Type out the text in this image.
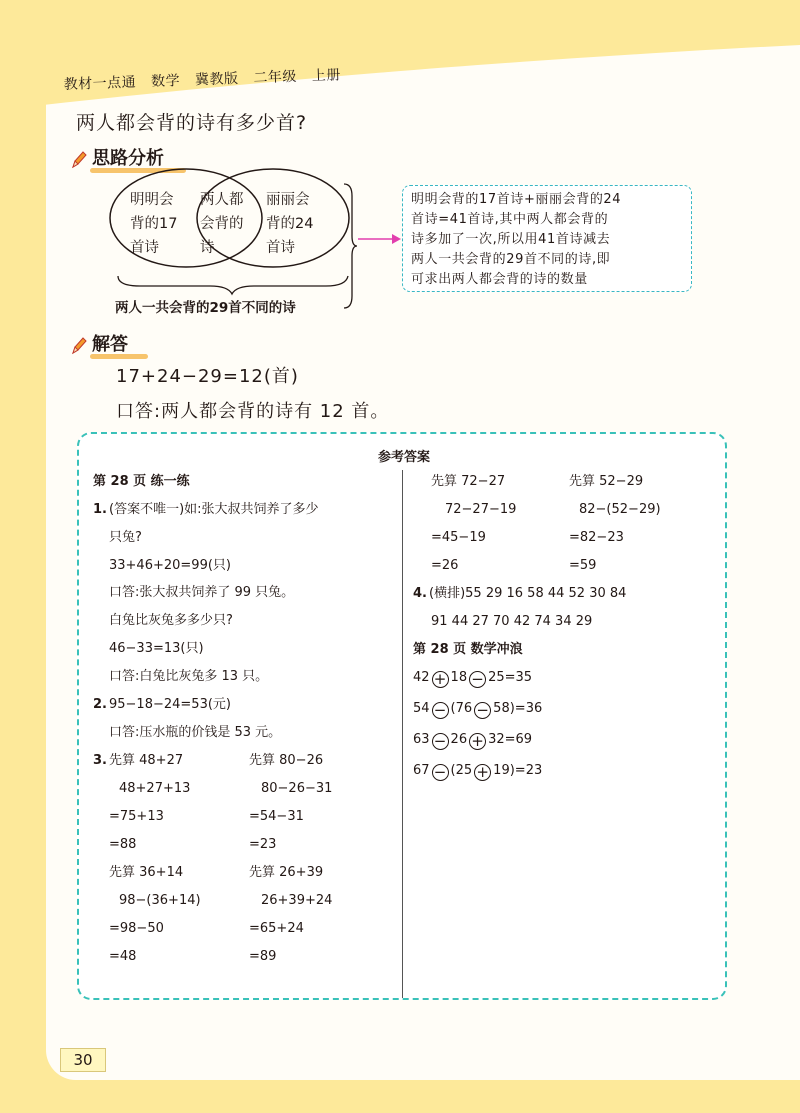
教材一点通 数学 冀教版 二年级 上册
两人都会背的诗有多少首?
思路分析
明明会
背的17
首诗
两人都
会背的
诗
丽丽会
背的24
首诗
两人一共会背的29首不同的诗
明明会背的17首诗+丽丽会背的24
首诗=41首诗,其中两人都会背的
诗多加了一次,所以用41首诗减去
两人一共会背的29首不同的诗,即
可求出两人都会背的诗的数量
解答
17+24−29=12(首)
口答:两人都会背的诗有 12 首。
参考答案
第 28 页 练一练
1. (答案不唯一)如:张大叔共饲养了多少
只兔?
33+46+20=99(只)
口答:张大叔共饲养了 99 只兔。
白兔比灰兔多多少只?
46−33=13(只)
口答:白兔比灰兔多 13 只。
2. 95−18−24=53(元)
口答:压水瓶的价钱是 53 元。
3. 先算 48+27
48+27+13
=75+13
=88
先算 36+14
98−(36+14)
=98−50
=48
先算 80−26
80−26−31
=54−31
=23
先算 26+39
26+39+24
=65+24
=89
先算 72−27
72−27−19
=45−19
=26
先算 52−29
82−(52−29)
=82−23
=59
4. (横排)55 29 16 58 44 52 30 84
91 44 27 70 42 74 34 29
第 28 页 数学冲浪
42 + 18 − 25=35
54 − (76 − 58)=36
63 − 26 + 32=69
67 − (25 + 19)=23
30
